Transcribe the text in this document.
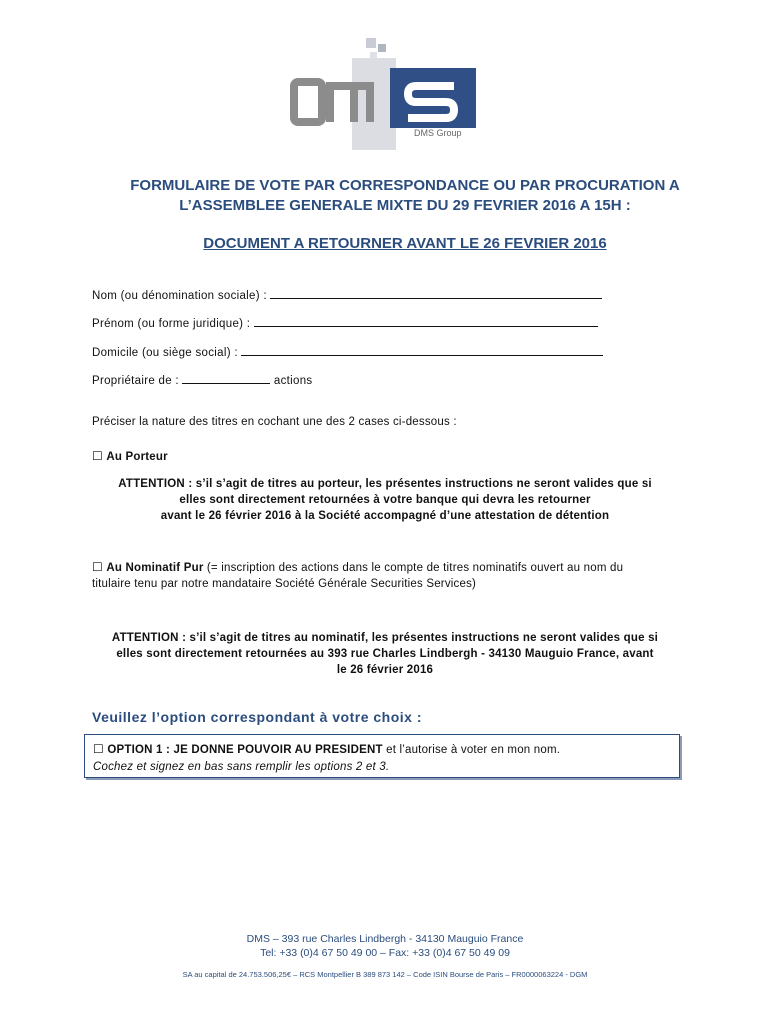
DMS Group
FORMULAIRE DE VOTE PAR CORRESPONDANCE OU PAR PROCURATION A
L’ASSEMBLEE GENERALE MIXTE DU 29 FEVRIER 2016 A 15H :
DOCUMENT A RETOURNER AVANT LE 26 FEVRIER 2016
Nom (ou dénomination sociale) :
Prénom (ou forme juridique) :
Domicile (ou siège social) :
Propriétaire de :	actions
Préciser la nature des titres en cochant une des 2 cases ci-dessous :
☐ Au Porteur
ATTENTION : s’il s’agit de titres au porteur, les présentes instructions ne seront valides que si
elles sont directement retournées à votre banque qui devra les retourner
avant le 26 février 2016 à la Société accompagné d’une attestation de détention
☐ Au Nominatif Pur (= inscription des actions dans le compte de titres nominatifs ouvert au nom du
titulaire tenu par notre mandataire Société Générale Securities Services)
ATTENTION : s’il s’agit de titres au nominatif, les présentes instructions ne seront valides que si
elles sont directement retournées au 393 rue Charles Lindbergh - 34130 Mauguio France, avant
le 26 février 2016
Veuillez l’option correspondant à votre choix :
☐ OPTION 1 : JE DONNE POUVOIR AU PRESIDENT et l’autorise à voter en mon nom.
Cochez et signez en bas sans remplir les options 2 et 3.
DMS – 393 rue Charles Lindbergh - 34130 Mauguio France
Tel: +33 (0)4 67 50 49 00 – Fax: +33 (0)4 67 50 49 09
SA au capital de 24.753.506,25€ – RCS Montpellier B 389 873 142 – Code ISIN Bourse de Paris – FR0000063224 - DGM
